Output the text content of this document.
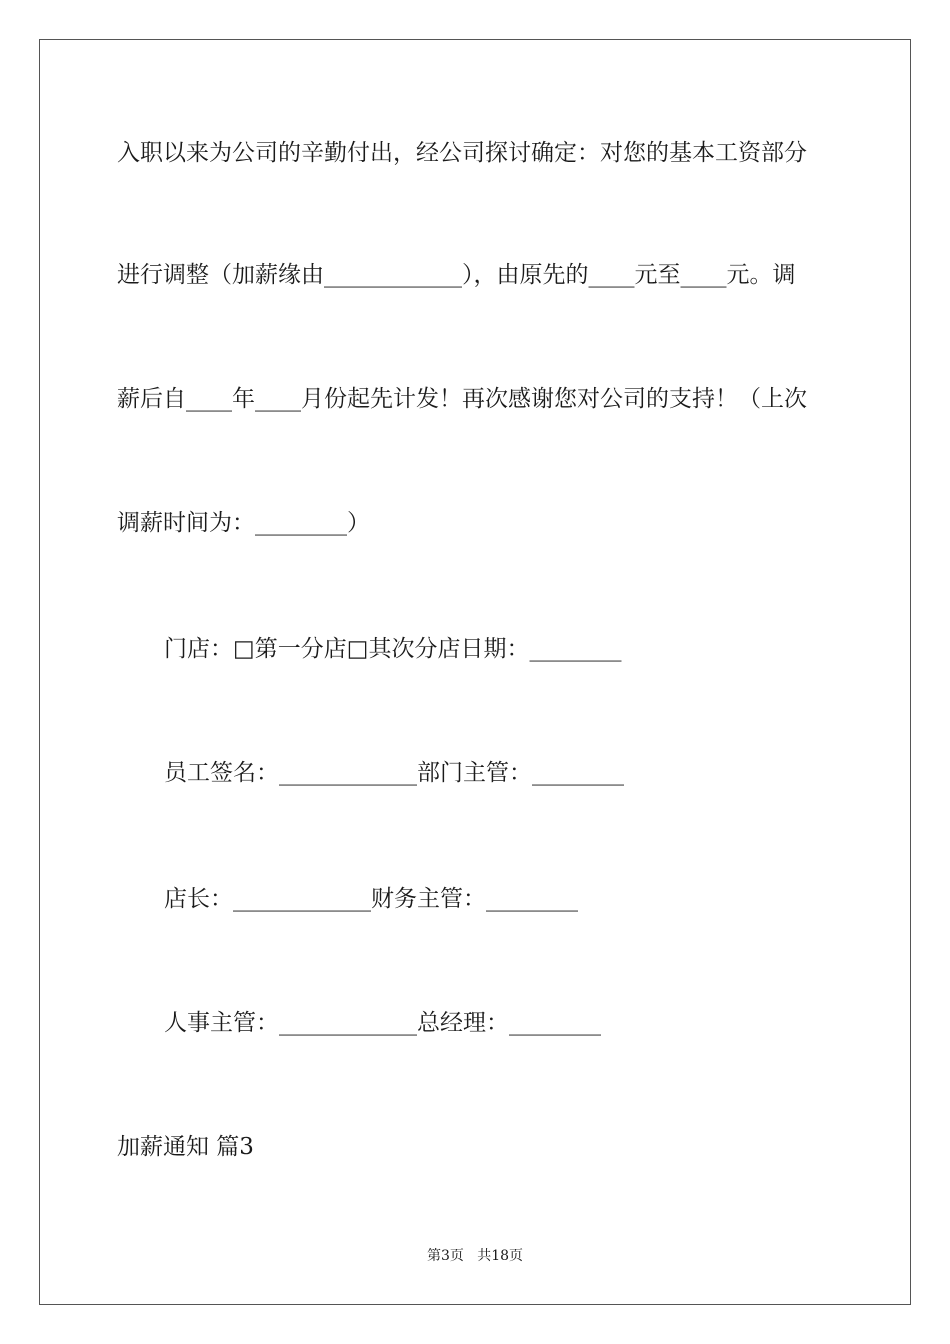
入职以来为公司的辛勤付出，经公司探讨确定：对您的基本工资部分
进行调整（加薪缘由____________），由原先的____元至____元。调
薪后自____年____月份起先计发！再次感谢您对公司的支持！（上次
调薪时间为：________）
门店：□第一分店□其次分店日期：________
员工签名：____________部门主管：________
店长：____________财务主管：________
人事主管：____________总经理：________
加薪通知 篇3
第3页   共18页
